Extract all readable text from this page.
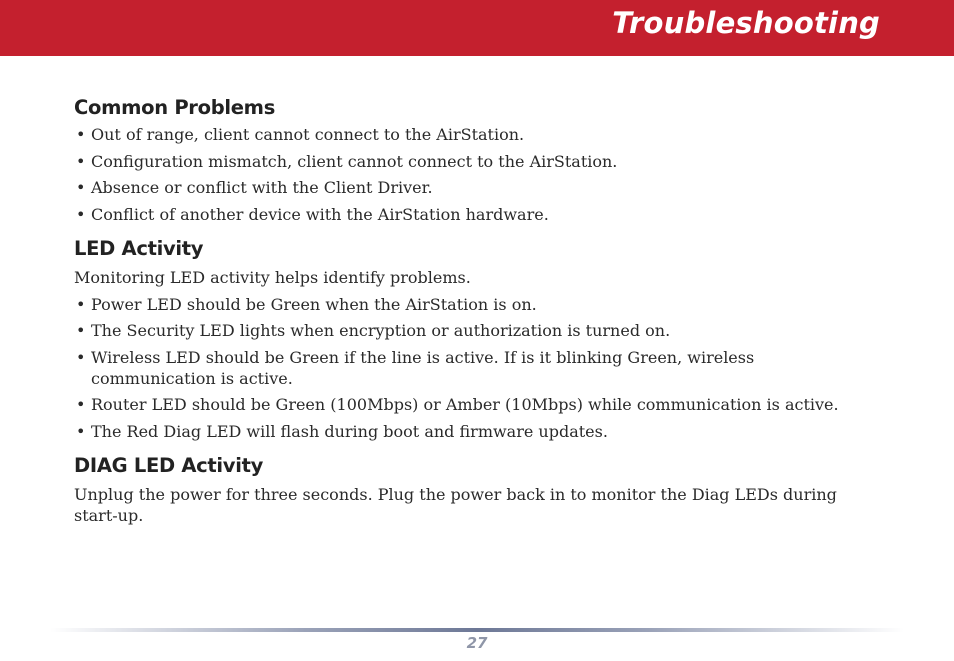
Troubleshooting
Common Problems
• Out of range, client cannot connect to the AirStation.
• Configuration mismatch, client cannot connect to the AirStation.
• Absence or conflict with the Client Driver.
• Conflict of another device with the AirStation hardware.
LED Activity

Monitoring LED activity helps identify problems.

• Power LED should be Green when the AirStation is on.
• The Security LED lights when encryption or authorization is turned on.
• Wireless LED should be Green if the line is active. If is it blinking Green, wireless communication is active.
• Router LED should be Green (100Mbps) or Amber (10Mbps) while communication is active.
• The Red Diag LED will flash during boot and firmware updates.
DIAG LED Activity

Unplug the power for three seconds. Plug the power back in to monitor the Diag LEDs during start-up.

27
